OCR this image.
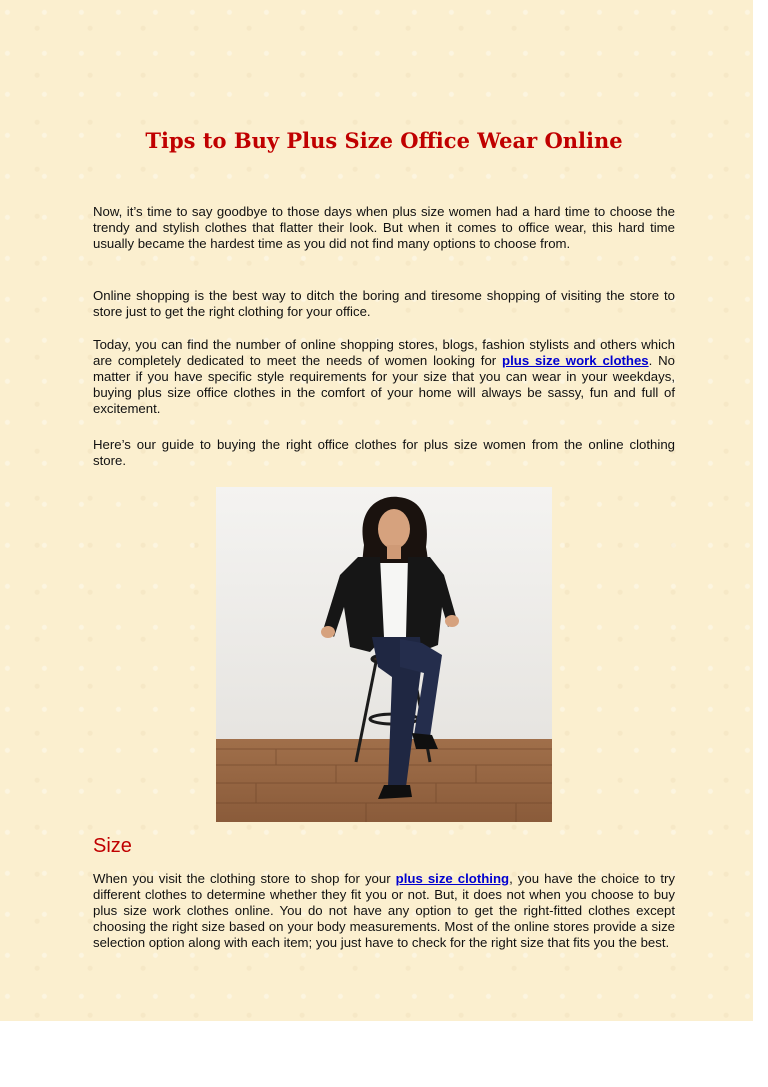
Tips to Buy Plus Size Office Wear Online

Now, it’s time to say goodbye to those days when plus size women had a hard time to choose the trendy and stylish clothes that flatter their look. But when it comes to office wear, this hard time usually became the hardest time as you did not find many options to choose from.

Online shopping is the best way to ditch the boring and tiresome shopping of visiting the store to store just to get the right clothing for your office.

Today, you can find the number of online shopping stores, blogs, fashion stylists and others which are completely dedicated to meet the needs of women looking for plus size work clothes. No matter if you have specific style requirements for your size that you can wear in your weekdays, buying plus size office clothes in the comfort of your home will always be sassy, fun and full of excitement.

Here’s our guide to buying the right office clothes for plus size women from the online clothing store.

Size

When you visit the clothing store to shop for your plus size clothing, you have the choice to try different clothes to determine whether they fit you or not. But, it does not when you choose to buy plus size work clothes online. You do not have any option to get the right-fitted clothes except choosing the right size based on your body measurements. Most of the online stores provide a size selection option along with each item; you just have to check for the right size that fits you the best.
